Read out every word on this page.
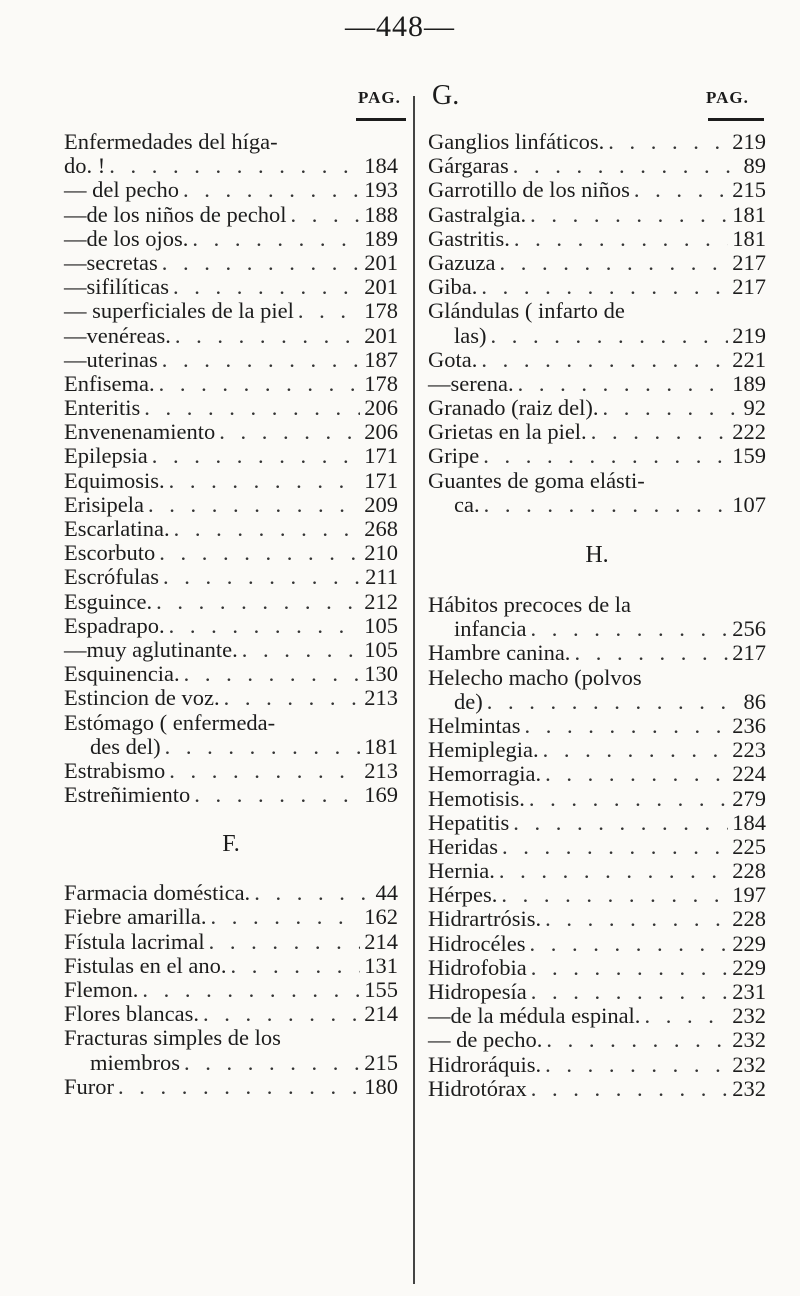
—448—
PAG. G.	PAG.
Enfermedades del híga-
do. ! . . .	184
— del pecho . . .	193
—de los niños de pechol . . .	188
—de los ojos. . . .	189
—secretas . . .	201
—sifilíticas . . .	201
— superficiales de la piel . . .	178
—venéreas. . . .	201
—uterinas . . .	187
Enfisema. . . .	178
Enteritis . . .	206
Envenenamiento . . .	206
Epilepsia . . .	171
Equimosis. . . .	171
Erisipela . . .	209
Escarlatina. . . .	268
Escorbuto . . .	210
Escrófulas . . .	211
Esguince. . . .	212
Espadrapo. . . .	105
—muy aglutinante. . . .	105
Esquinencia. . . .	130
Estincion de voz. . . .	213
Estómago ( enfermeda-
des del) . . .	181
Estrabismo . . .	213
Estreñimiento . . .	169
F.
Farmacia doméstica. . . .	44
Fiebre amarilla. . . .	162
Fístula lacrimal . . .	214
Fistulas en el ano. . . .	131
Flemon. . . .	155
Flores blancas. . . .	214
Fracturas simples de los
miembros . . .	215
Furor . . .	180
Ganglios linfáticos. . . .	219
Gárgaras . . .	89
Garrotillo de los niños . . .	215
Gastralgia. . . .	181
Gastritis. . . .	181
Gazuza . . .	217
Giba. . . .	217
Glándulas ( infarto de
las) . . .	219
Gota. . . .	221
—serena. . . .	189
Granado (raiz del). . . .	92
Grietas en la piel. . . .	222
Gripe . . .	159
Guantes de goma elásti-
ca. . . .	107
H.
Hábitos precoces de la
infancia . . .	256
Hambre canina. . . .	217
Helecho macho (polvos
de) . . .	86
Helmintas . . .	236
Hemiplegia. . . .	223
Hemorragia. . . .	224
Hemotisis. . . .	279
Hepatitis . . .	184
Heridas . . .	225
Hernia. . . .	228
Hérpes. . . .	197
Hidrartrósis. . . .	228
Hidrocéles . . .	229
Hidrofobia . . .	229
Hidropesía . . .	231
—de la médula espinal. . . .	232
— de pecho. . . .	232
Hidroráquis. . . .	232
Hidrotórax . . .	232
